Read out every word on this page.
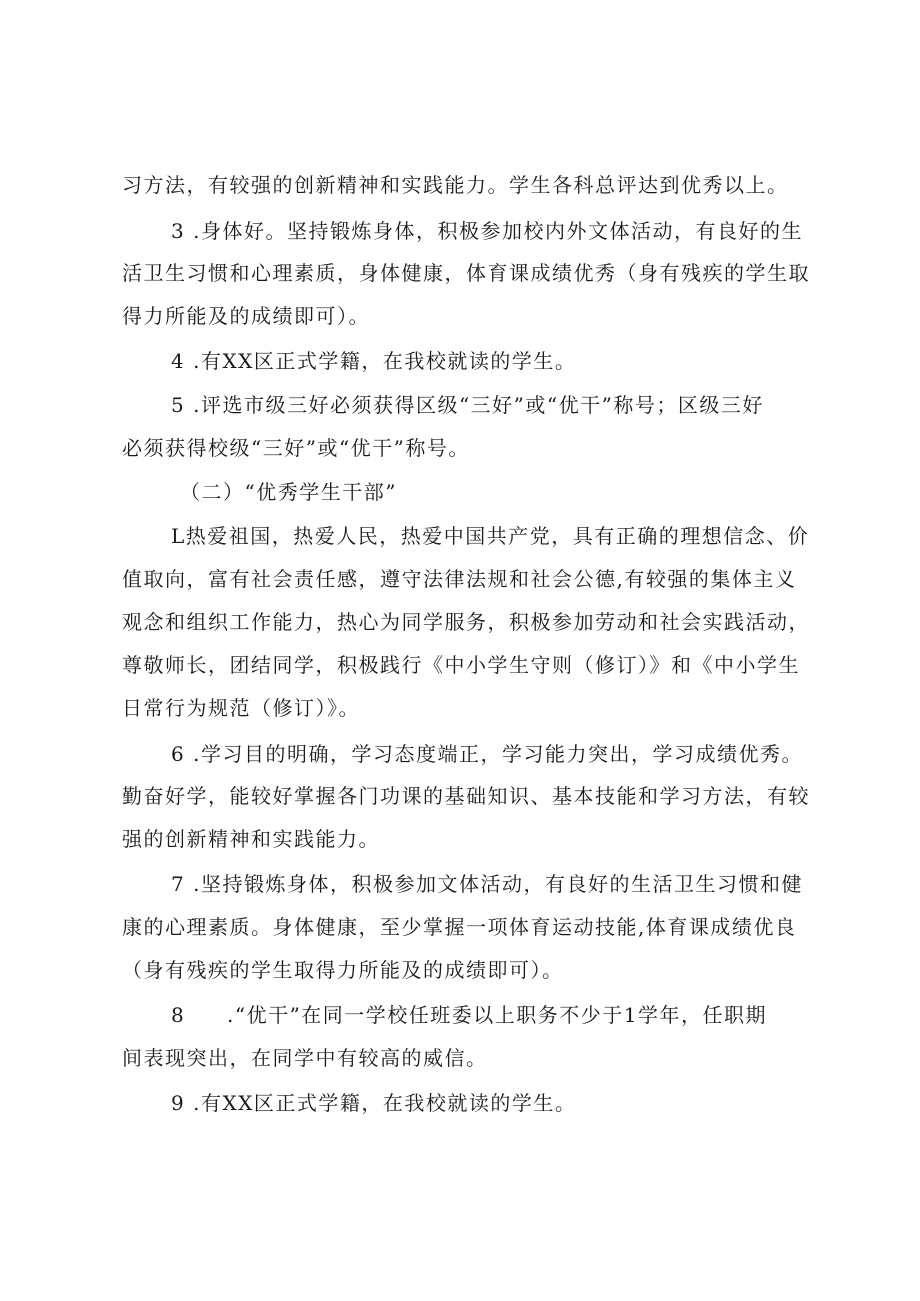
习方法，有较强的创新精神和实践能力。学生各科总评达到优秀以上。
3 .身体好。坚持锻炼身体，积极参加校内外文体活动，有良好的生
活卫生习惯和心理素质，身体健康，体育课成绩优秀（身有残疾的学生取
得力所能及的成绩即可）。
4 .有XX区正式学籍，在我校就读的学生。
5 .评选市级三好必须获得区级“三好”或“优干”称号；区级三好
必须获得校级“三好”或“优干”称号。
（二）“优秀学生干部”
L热爱祖国，热爱人民，热爱中国共产党，具有正确的理想信念、价
值取向，富有社会责任感，遵守法律法规和社会公德,有较强的集体主义
观念和组织工作能力，热心为同学服务，积极参加劳动和社会实践活动，
尊敬师长，团结同学，积极践行《中小学生守则（修订）》和《中小学生
日常行为规范（修订）》。
6 .学习目的明确，学习态度端正，学习能力突出，学习成绩优秀。
勤奋好学，能较好掌握各门功课的基础知识、基本技能和学习方法，有较
强的创新精神和实践能力。
7 .坚持锻炼身体，积极参加文体活动，有良好的生活卫生习惯和健
康的心理素质。身体健康，至少掌握一项体育运动技能,体育课成绩优良
（身有残疾的学生取得力所能及的成绩即可）。
8 .“优干”在同一学校任班委以上职务不少于1学年，任职期
间表现突出，在同学中有较高的威信。
9 .有XX区正式学籍，在我校就读的学生。
